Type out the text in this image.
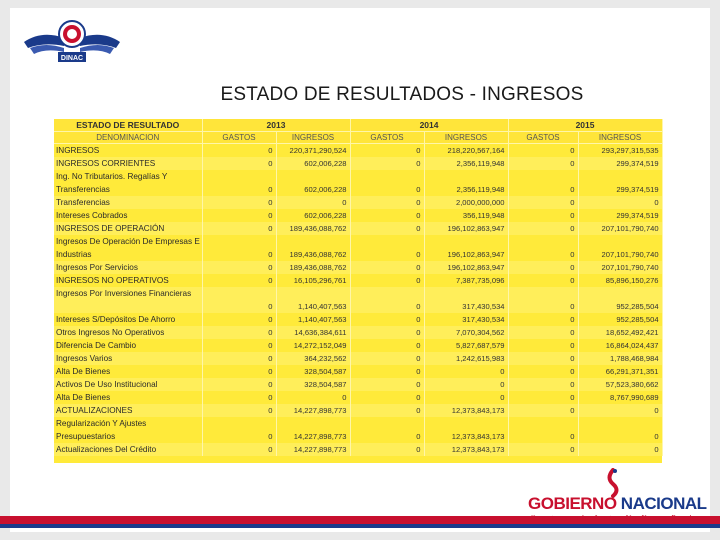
DINAC
ESTADO DE RESULTADOS - INGRESOS
ESTADO DE RESULTADO	2013		2014		2015	
DENOMINACION	GASTOS	INGRESOS	GASTOS	INGRESOS	GASTOS	INGRESOS
INGRESOS	0	220,371,290,524	0	218,220,567,164	0	293,297,315,535
INGRESOS CORRIENTES	0	602,006,228	0	2,356,119,948	0	299,374,519
Ing. No Tributarios. Regalías Y Transferencias	0	602,006,228	0	2,356,119,948	0	299,374,519
Transferencias	0	0	0	2,000,000,000	0	0
Intereses Cobrados	0	602,006,228	0	356,119,948	0	299,374,519
INGRESOS DE OPERACIÓN	0	189,436,088,762	0	196,102,863,947	0	207,101,790,740
Ingresos De Operación De Empresas E Industrias	0	189,436,088,762	0	196,102,863,947	0	207,101,790,740
Ingresos Por Servicios	0	189,436,088,762	0	196,102,863,947	0	207,101,790,740
INGRESOS NO OPERATIVOS	0	16,105,296,761	0	7,387,735,096	0	85,896,150,276
Ingresos Por Inversiones Financieras	0	1,140,407,563	0	317,430,534	0	952,285,504
Intereses S/Depósitos De Ahorro	0	1,140,407,563	0	317,430,534	0	952,285,504
Otros Ingresos No Operativos	0	14,636,384,611	0	7,070,304,562	0	18,652,492,421
Diferencia De Cambio	0	14,272,152,049	0	5,827,687,579	0	16,864,024,437
Ingresos Varios	0	364,232,562	0	1,242,615,983	0	1,788,468,984
Alta De Bienes	0	328,504,587	0	0	0	66,291,371,351
Activos De Uso Institucional	0	328,504,587	0	0	0	57,523,380,662
Alta De Bienes	0	0	0	0	0	8,767,990,689
ACTUALIZACIONES	0	14,227,898,773	0	12,373,843,173	0	0
Regularización Y Ajustes Presupuestarios	0	14,227,898,773	0	12,373,843,173	0	0
Actualizaciones Del Crédito	0	14,227,898,773	0	12,373,843,173	0	0
GOBIERNO NACIONAL
Construyendo Juntos Un Nuevo Rumbo
